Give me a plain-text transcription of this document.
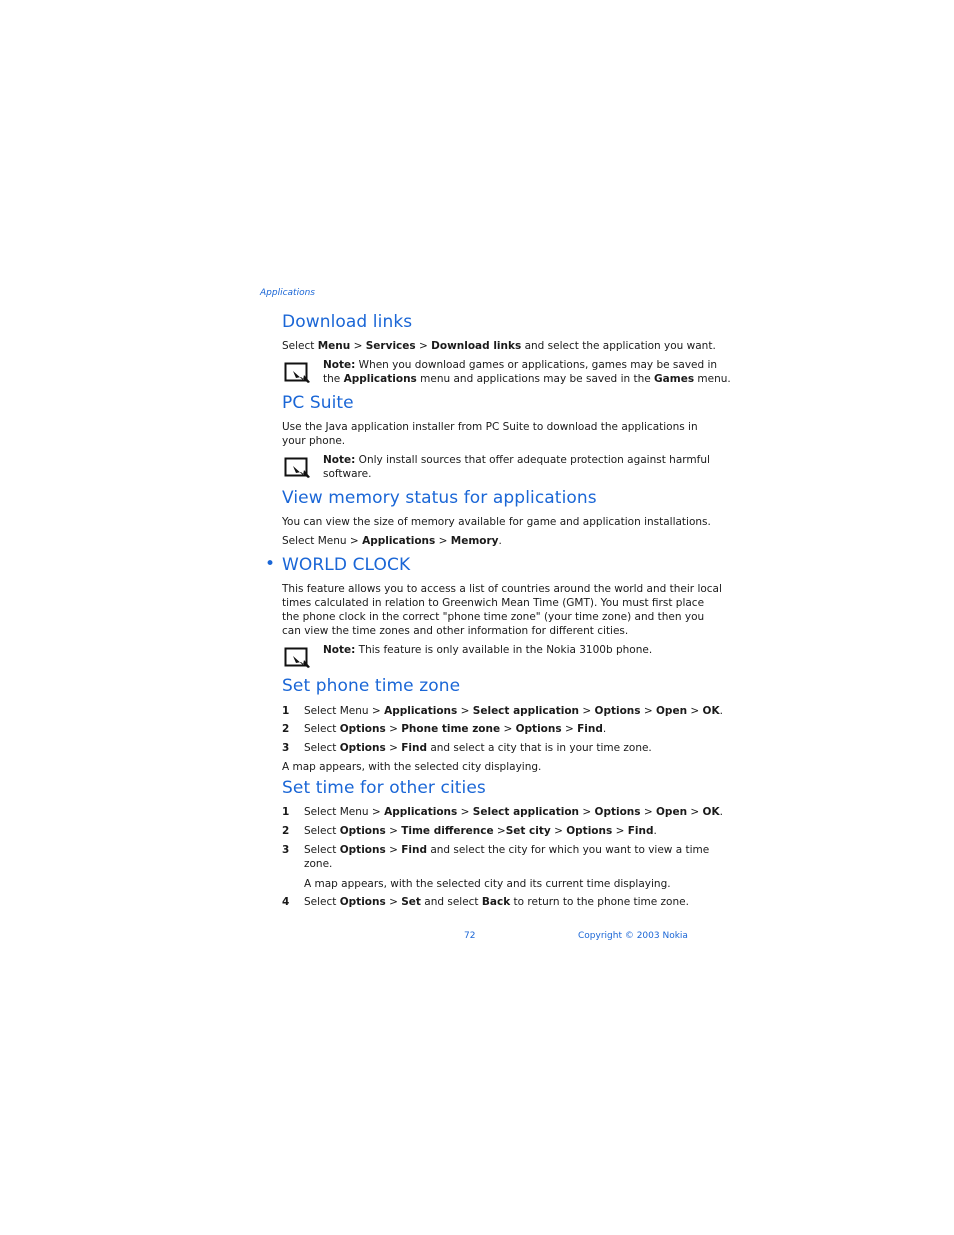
Applications
Download links
Select Menu > Services > Download links and select the application you want.
Note: When you download games or applications, games may be saved in
the Applications menu and applications may be saved in the Games menu.
PC Suite
Use the Java application installer from PC Suite to download the applications in
your phone.
Note: Only install sources that offer adequate protection against harmful
software.
View memory status for applications
You can view the size of memory available for game and application installations.
Select Menu > Applications > Memory.
• WORLD CLOCK
This feature allows you to access a list of countries around the world and their local
times calculated in relation to Greenwich Mean Time (GMT). You must first place
the phone clock in the correct "phone time zone" (your time zone) and then you
can view the time zones and other information for different cities.
Note: This feature is only available in the Nokia 3100b phone.
Set phone time zone
1 Select Menu > Applications > Select application > Options > Open > OK.
2 Select Options > Phone time zone > Options > Find.
3 Select Options > Find and select a city that is in your time zone.
A map appears, with the selected city displaying.
Set time for other cities
1 Select Menu > Applications > Select application > Options > Open > OK.
2 Select Options > Time difference >Set city > Options > Find.
3 Select Options > Find and select the city for which you want to view a time
zone.
A map appears, with the selected city and its current time displaying.
4 Select Options > Set and select Back to return to the phone time zone.
72	Copyright © 2003 Nokia
